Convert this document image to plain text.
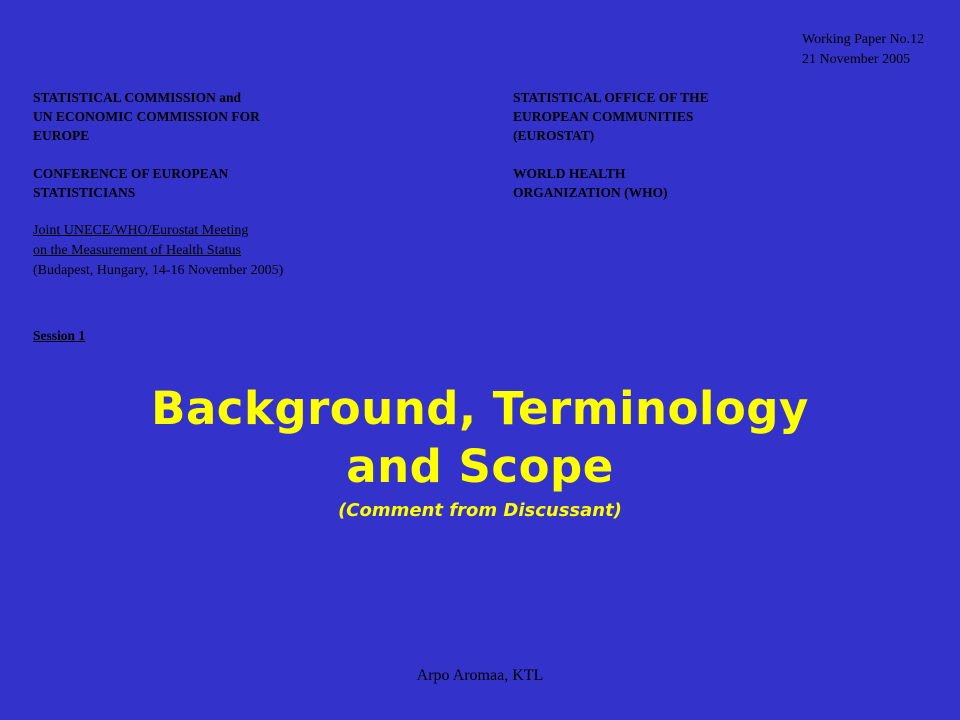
Working Paper No.12
21 November 2005
STATISTICAL COMMISSION and
UN ECONOMIC COMMISSION FOR
EUROPE
CONFERENCE OF EUROPEAN
STATISTICIANS
STATISTICAL OFFICE OF THE
EUROPEAN COMMUNITIES
(EUROSTAT)
WORLD HEALTH
ORGANIZATION (WHO)
Joint UNECE/WHO/Eurostat Meeting
on the Measurement of Health Status
(Budapest, Hungary, 14-16 November 2005)
Session 1
Background, Terminology
and Scope
(Comment from Discussant)
Arpo Aromaa, KTL
